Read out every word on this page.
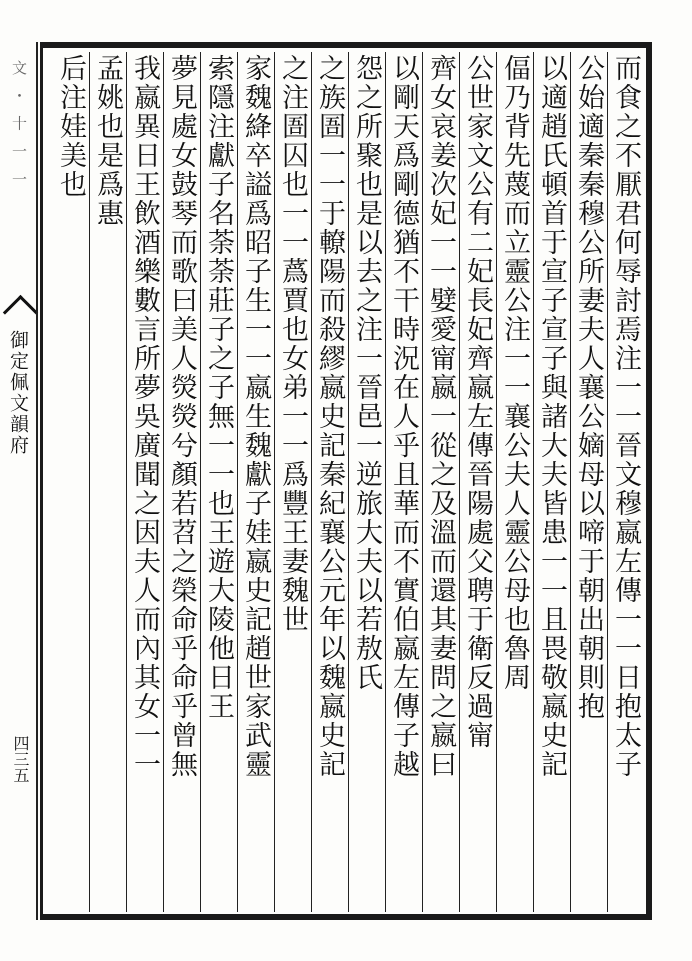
文 ・ 十 一 一
御定佩文韻府
四三五	而食之不厭君何辱討焉注一一晉文穆嬴左傳一一日抱太子
公始適秦秦穆公所妻夫人襄公嫡母以啼于朝出朝則抱
以適趙氏頓首于宣子宣子與諸大夫皆患一一且畏敬嬴史記
偪乃背先蔑而立靈公注一一襄公夫人靈公母也魯周
公世家文公有二妃長妃齊嬴左傳晉陽處父聘于衛反過甯
齊女哀姜次妃一一嬖愛甯嬴一從之及溫而還其妻問之嬴曰
以剛天爲剛德猶不干時況在人乎且華而不實伯嬴左傳子越
怨之所聚也是以去之注一晉邑一逆旅大夫以若敖氏
之族圄一一于轑陽而殺繆嬴史記秦紀襄公元年以魏嬴史記
之注圄囚也一一蔿賈也女弟一一爲豐王妻魏世
家魏絳卒謚爲昭子生一一嬴生魏獻子娃嬴史記趙世家武靈
索隱注獻子名荼荼莊子之子無一一也王遊大陵他日王
夢見處女鼓琴而歌曰美人熒熒兮顏若苕之榮命乎命乎曾無
我嬴異日王飲酒樂數言所夢吳廣聞之因夫人而內其女一一
孟姚也是爲惠
后注娃美也
